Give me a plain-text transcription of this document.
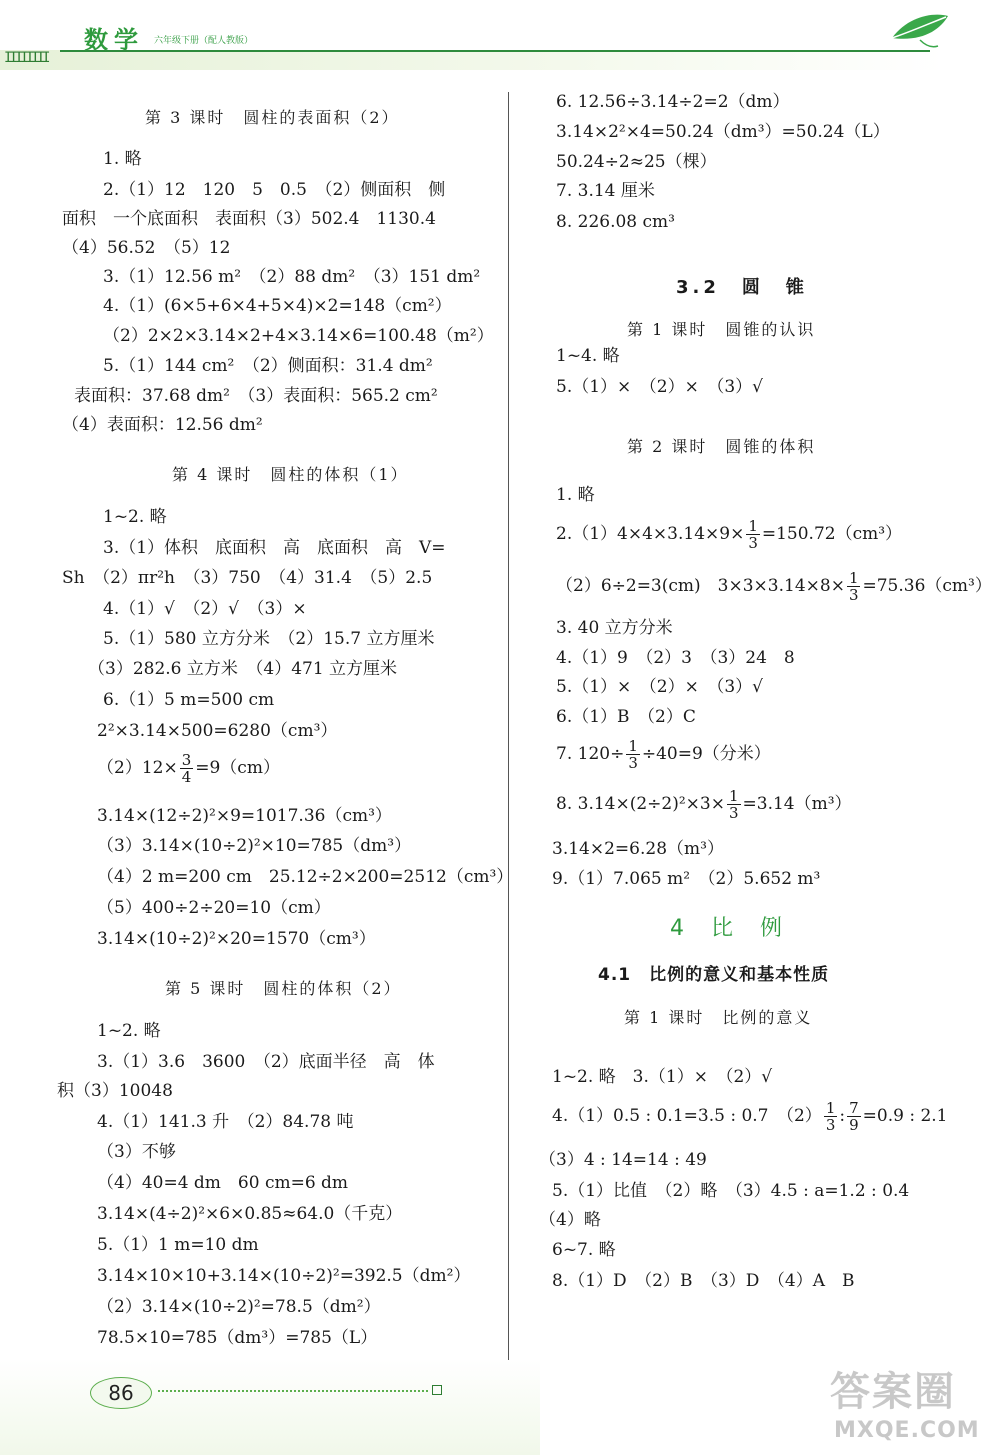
IIIIIIII
数学 六年级下册（配人教版）
第 3 课时　圆柱的表面积（2）
1. 略
2.（1）12　120　5　0.5　（2）侧面积　侧
面积　一个底面积　表面积（3）502.4　1130.4
（4）56.52　（5）12
3.（1）12.56 m²　（2）88 dm²　（3）151 dm²
4.（1）(6×5+6×4+5×4)×2=148（cm²）
（2）2×2×3.14×2+4×3.14×6=100.48（m²）
5.（1）144 cm²　（2）侧面积：31.4 dm²
表面积：37.68 dm²　（3）表面积：565.2 cm²
（4）表面积：12.56 dm²
第 4 课时　圆柱的体积（1）
1~2. 略
3.（1）体积　底面积　高　底面积　高　V=
Sh　（2）πr²h　（3）750　（4）31.4　（5）2.5
4.（1）√　（2）√　（3）×
5.（1）580 立方分米　（2）15.7 立方厘米
（3）282.6 立方米　（4）471 立方厘米
6.（1）5 m=500 cm
2²×3.14×500=6280（cm³）
$(2)12\times \frac{3}{4} =9(cm)$
3.14×(12÷2)²×9=1017.36（cm³）
（3）3.14×(10÷2)²×10=785（dm³）
（4）2 m=200 cm　25.12÷2×200=2512（cm³）
（5）400÷2÷20=10（cm）
3.14×(10÷2)²×20=1570（cm³）
第 5 课时　圆柱的体积（2）
1~2. 略
3.（1）3.6　3600　（2）底面半径　高　体
积（3）10048
4.（1）141.3 升　（2）84.78 吨
（3）不够
（4）40=4 dm　60 cm=6 dm
3.14×(4÷2)²×6×0.85≈64.0（千克）
5.（1）1 m=10 dm
3.14×10×10+3.14×(10÷2)²=392.5（dm²）
（2）3.14×(10÷2)²=78.5（dm²）
78.5×10=785（dm³）=785（L）
6. 12.56÷3.14÷2=2（dm）
3.14×2²×4=50.24（dm³）=50.24（L）
50.24÷2≈25（棵）
7. 3.14 厘米
8. 226.08 cm³
3.2　圆　锥
第 1 课时　圆锥的认识
1~4. 略
5.（1）×　（2）×　（3）√
第 2 课时　圆锥的体积
1. 略
$2.(1)4\times 4\times 3.14\times 9\times \frac{1}{3} =150.72(cm^3)$
（2）6÷2=3(cm)　$3\times 3\times 3.14\times 8\times \frac{1}{3} =75.36(cm^3)$
3. 40 立方分米
4.（1）9　（2）3　（3）24　8
5.（1）×　（2）×　（3）√
6.（1）B　（2）C
7. $120\div \frac{1}{3} \div 40=9$（分米）
8. $3.14\times(2\div 2)^2\times 3\times \frac{1}{3} =3.14(m^3)$
3.14×2=6.28（m³）
9.（1）7.065 m²　（2）5.652 m³
4 比 例
4.1　比例的意义和基本性质
第 1 课时　比例的意义
1~2. 略　3.（1）×　（2）√
4.（1）0.5 : 0.1=3.5 : 0.7　$(2) \frac{1}{3}$ : $\frac{7}{9} =0.9$ : 2.1
（3）4 : 14=14 : 49
5.（1）比值　（2）略　（3）4.5 : a=1.2 : 0.4
（4）略
6~7. 略
8.（1）D　（2）B　（3）D　（4）A　B
86	答案圈
MXQE.COM
